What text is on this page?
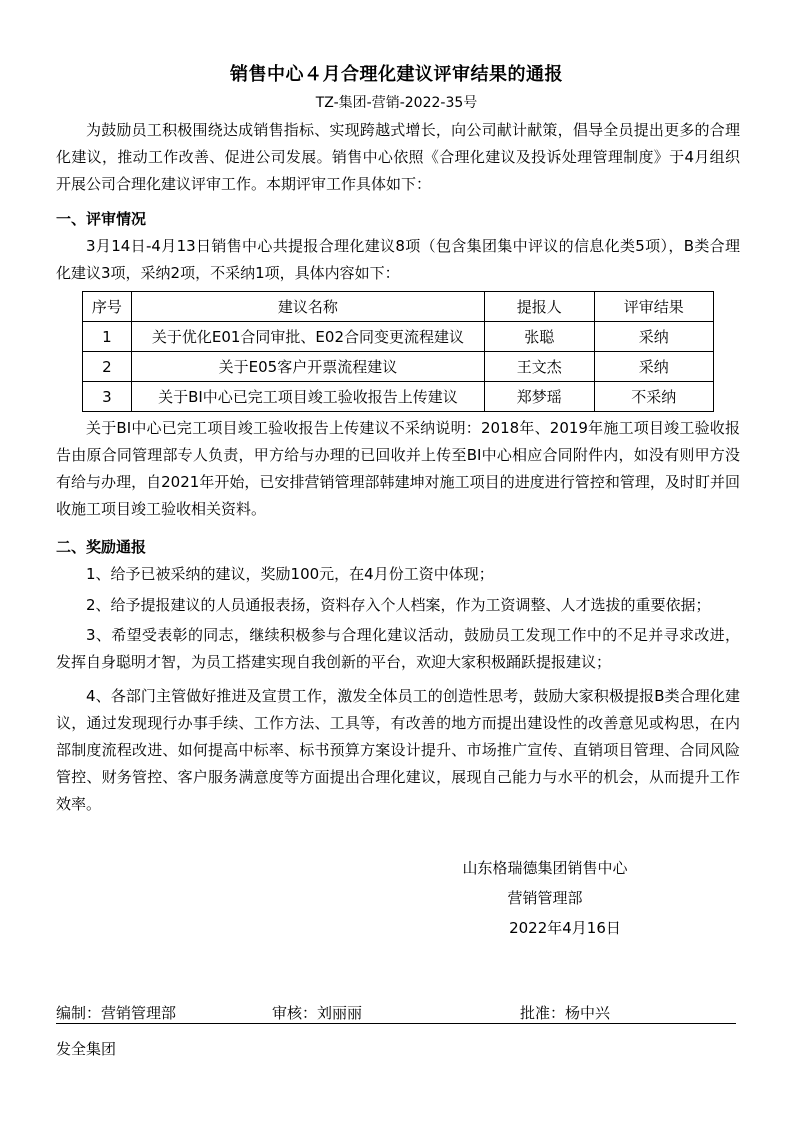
销售中心４月合理化建议评审结果的通报
TZ-集团-营销-2022-35号
为鼓励员工积极围绕达成销售指标、实现跨越式增长，向公司献计献策，倡导全员提出更多的合理化建议，推动工作改善、促进公司发展。销售中心依照《合理化建议及投诉处理管理制度》于4月组织开展公司合理化建议评审工作。本期评审工作具体如下：
一、评审情况
3月14日-4月13日销售中心共提报合理化建议8项（包含集团集中评议的信息化类5项），B类合理化建议3项，采纳2项，不采纳1项，具体内容如下：
序号	建议名称	提报人	评审结果
1	关于优化E01合同审批、E02合同变更流程建议	张聪	采纳
2	关于E05客户开票流程建议	王文杰	采纳
3	关于BI中心已完工项目竣工验收报告上传建议	郑梦瑶	不采纳
关于BI中心已完工项目竣工验收报告上传建议不采纳说明：2018年、2019年施工项目竣工验收报告由原合同管理部专人负责，甲方给与办理的已回收并上传至BI中心相应合同附件内，如没有则甲方没有给与办理，自2021年开始，已安排营销管理部韩建坤对施工项目的进度进行管控和管理，及时盯并回收施工项目竣工验收相关资料。
二、奖励通报
1、给予已被采纳的建议，奖励100元，在4月份工资中体现；
2、给予提报建议的人员通报表扬，资料存入个人档案，作为工资调整、人才选拔的重要依据；
3、希望受表彰的同志，继续积极参与合理化建议活动，鼓励员工发现工作中的不足并寻求改进，发挥自身聪明才智，为员工搭建实现自我创新的平台，欢迎大家积极踊跃提报建议；
4、各部门主管做好推进及宣贯工作，激发全体员工的创造性思考，鼓励大家积极提报B类合理化建议，通过发现现行办事手续、工作方法、工具等，有改善的地方而提出建设性的改善意见或构思，在内部制度流程改进、如何提高中标率、标书预算方案设计提升、市场推广宣传、直销项目管理、合同风险管控、财务管控、客户服务满意度等方面提出合理化建议，展现自己能力与水平的机会，从而提升工作效率。
山东格瑞德集团销售中心
营销管理部
2022年4月16日
编制：营销管理部	审核：刘丽丽	批准：杨中兴
发全集团
